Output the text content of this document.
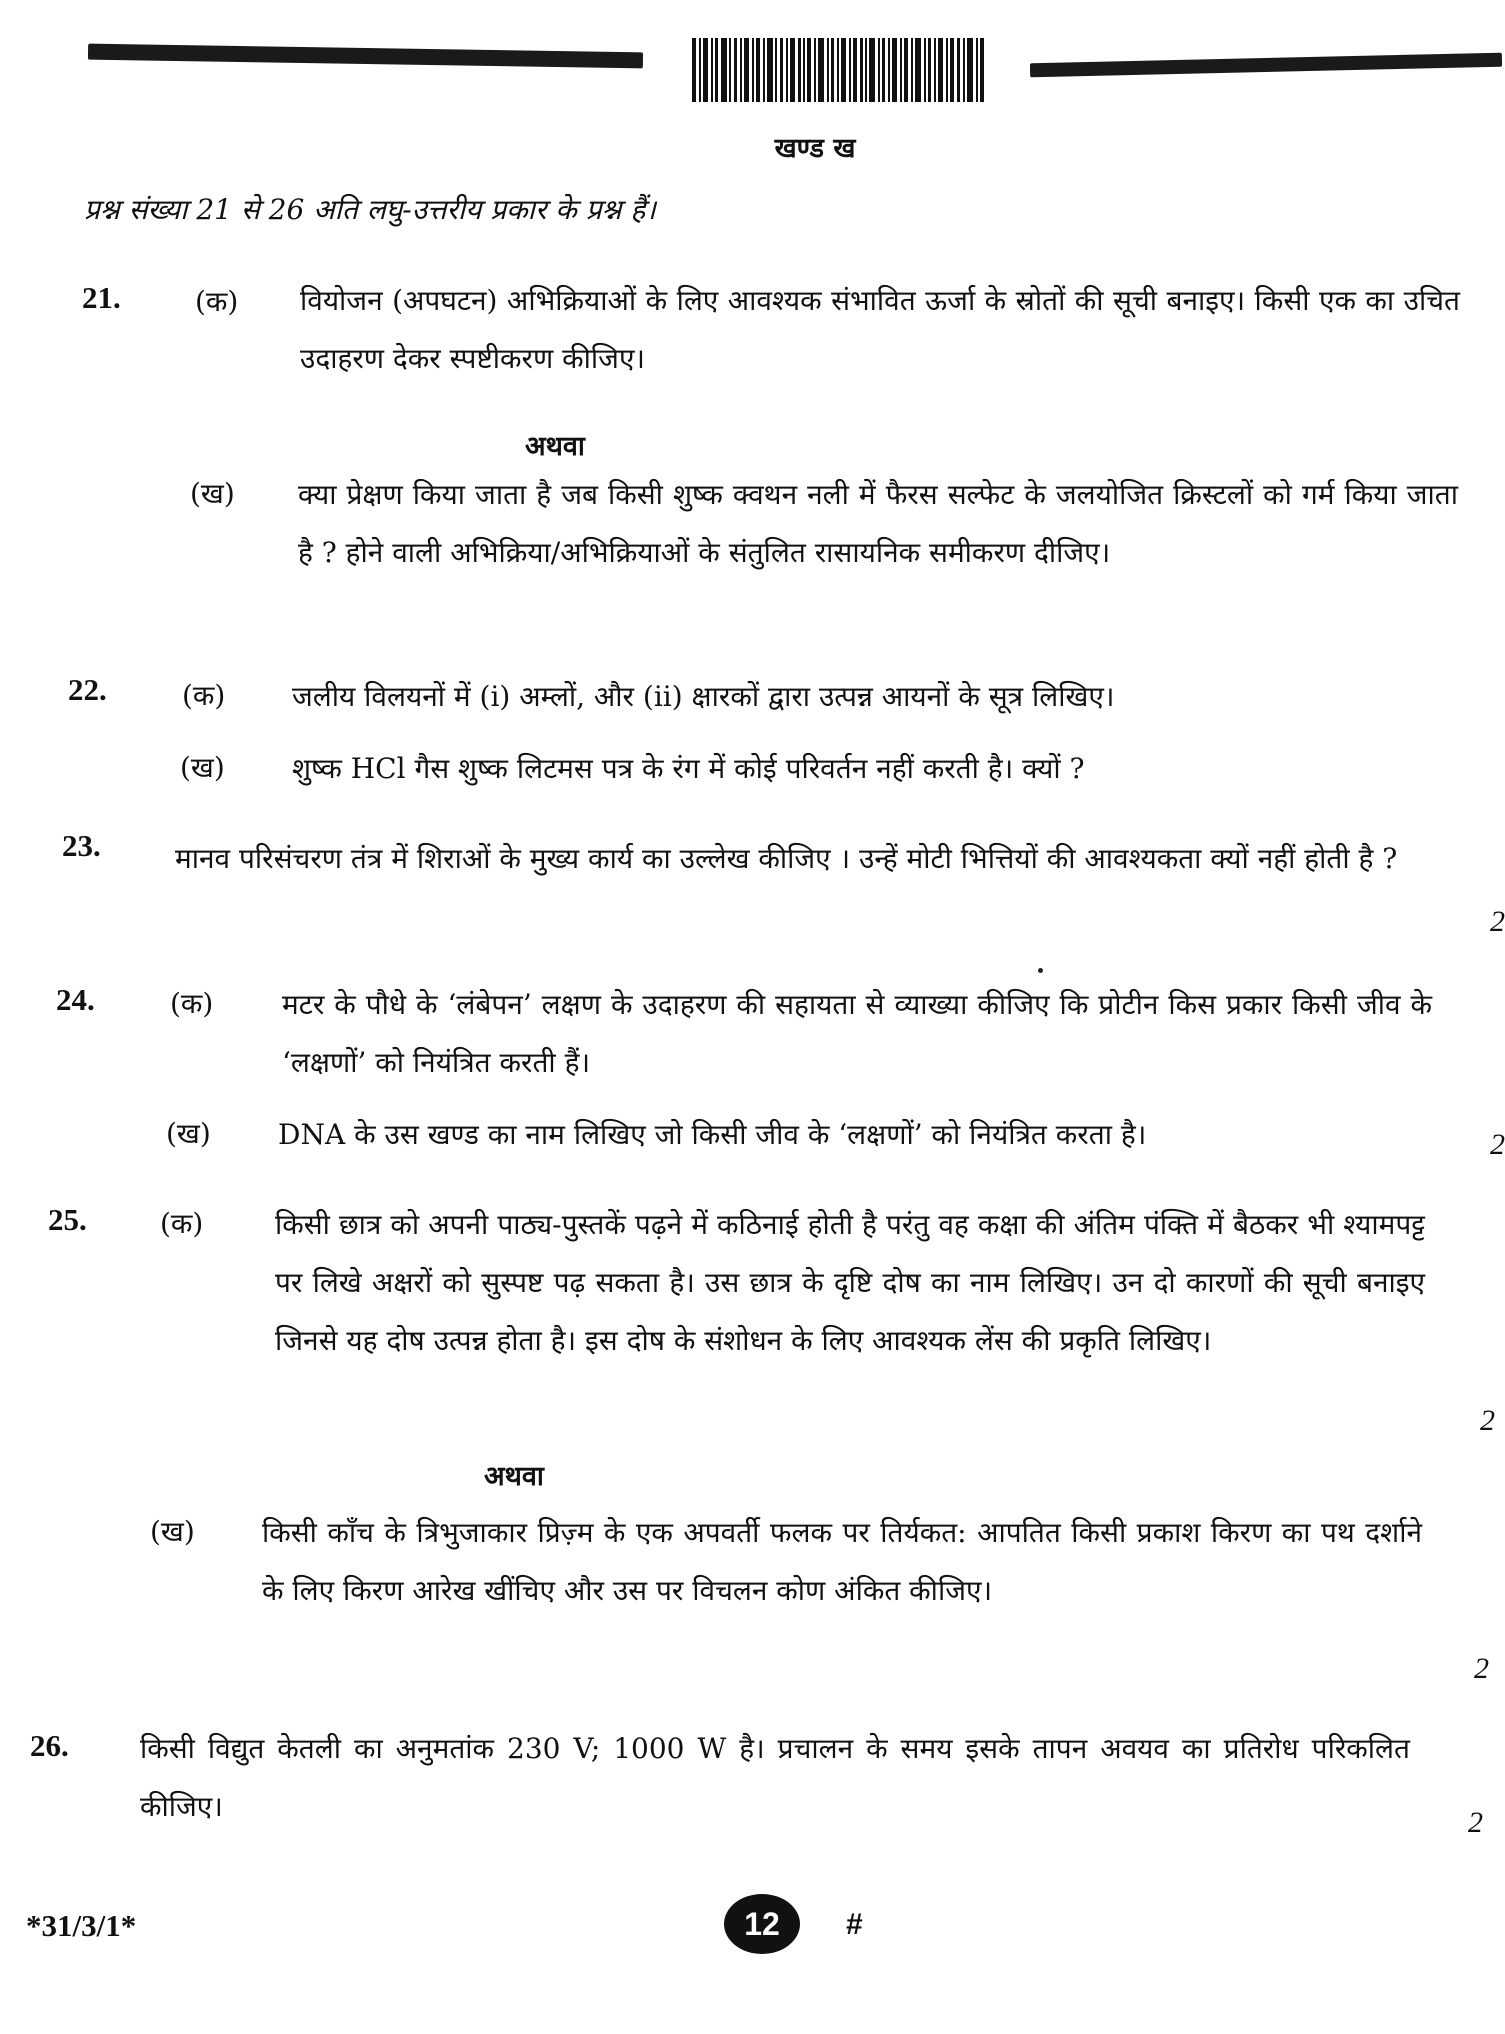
खण्ड ख
प्रश्न संख्या 21 से 26 अति लघु-उत्तरीय प्रकार के प्रश्न हैं।
21.	(क) वियोजन (अपघटन) अभिक्रियाओं के लिए आवश्यक संभावित ऊर्जा के स्रोतों की सूची बनाइए। किसी एक का उचित उदाहरण देकर स्पष्टीकरण कीजिए।
अथवा
(ख) क्या प्रेक्षण किया जाता है जब किसी शुष्क क्वथन नली में फैरस सल्फेट के जलयोजित क्रिस्टलों को गर्म किया जाता है ? होने वाली अभिक्रिया/अभिक्रियाओं के संतुलित रासायनिक समीकरण दीजिए।
22.	(क) जलीय विलयनों में (i) अम्लों, और (ii) क्षारकों द्वारा उत्पन्न आयनों के सूत्र लिखिए।
(ख) शुष्क HCl गैस शुष्क लिटमस पत्र के रंग में कोई परिवर्तन नहीं करती है। क्यों ?
23.	मानव परिसंचरण तंत्र में शिराओं के मुख्य कार्य का उल्लेख कीजिए । उन्हें मोटी भित्तियों की आवश्यकता क्यों नहीं होती है ?
2
24.	(क) मटर के पौधे के ‘लंबेपन’ लक्षण के उदाहरण की सहायता से व्याख्या कीजिए कि प्रोटीन किस प्रकार किसी जीव के ‘लक्षणों’ को नियंत्रित करती हैं।
(ख) DNA के उस खण्ड का नाम लिखिए जो किसी जीव के ‘लक्षणों’ को नियंत्रित करता है।	2
25.	(क)	किसी छात्र को अपनी पाठ्य-पुस्तकें पढ़ने में कठिनाई होती है परंतु वह कक्षा की अंतिम पंक्ति में बैठकर भी श्यामपट्ट पर लिखे अक्षरों को सुस्पष्ट पढ़ सकता है। उस छात्र के दृष्टि दोष का नाम लिखिए। उन दो कारणों की सूची बनाइए जिनसे यह दोष उत्पन्न होता है। इस दोष के संशोधन के लिए आवश्यक लेंस की प्रकृति लिखिए।
2
अथवा
(ख) किसी काँच के त्रिभुजाकार प्रिज़्म के एक अपवर्ती फलक पर तिर्यकत: आपतित किसी प्रकाश किरण का पथ दर्शाने के लिए किरण आरेख खींचिए और उस पर विचलन कोण अंकित कीजिए।
2
26.	किसी विद्युत केतली का अनुमतांक 230 V; 1000 W है। प्रचालन के समय इसके तापन अवयव का प्रतिरोध परिकलित कीजिए।	2
*31/3/1*	12	#
